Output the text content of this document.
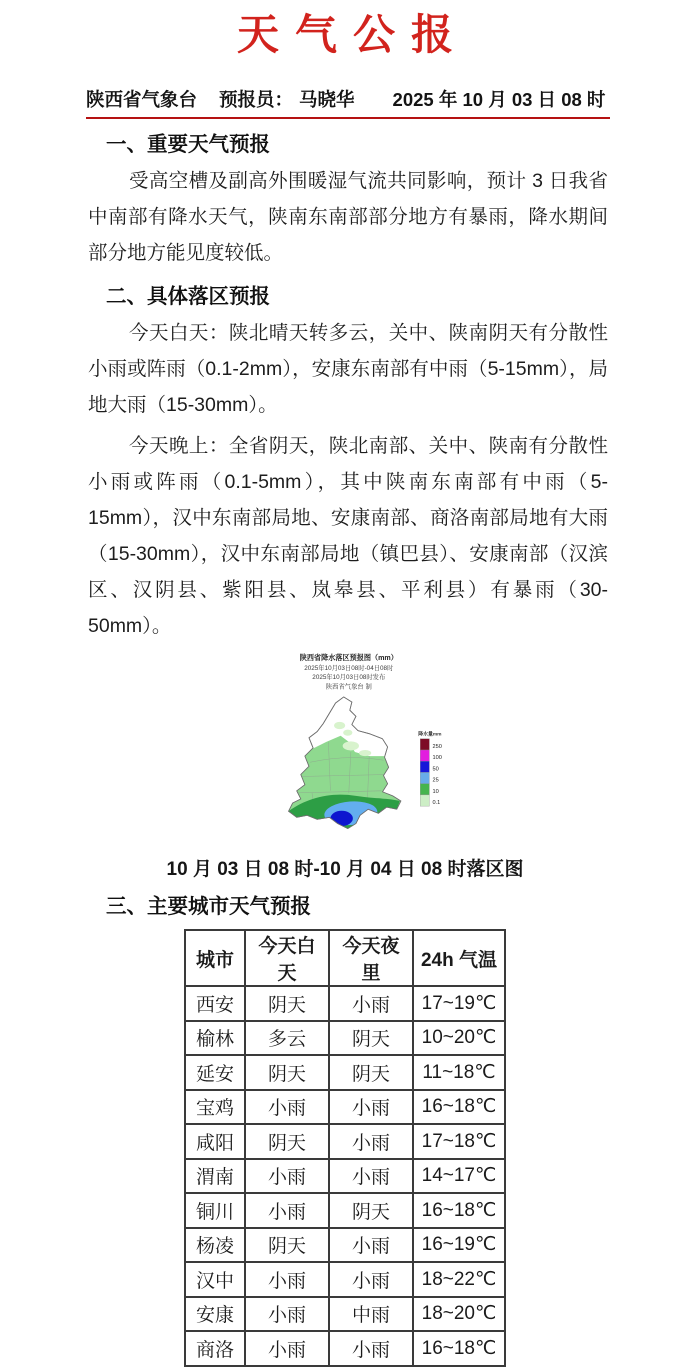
天气公报
陕西省气象台 预报员： 马晓华 2025 年 10 月 03 日 08 时
一、重要天气预报

受高空槽及副高外围暖湿气流共同影响，预计 3 日我省中南部有降水天气，陕南东南部部分地方有暴雨，降水期间部分地方能见度较低。

二、具体落区预报

今天白天：陕北晴天转多云，关中、陕南阴天有分散性小雨或阵雨（0.1-2mm），安康东南部有中雨（5-15mm），局地大雨（15-30mm）。

今天晚上：全省阴天，陕北南部、关中、陕南有分散性小雨或阵雨（0.1-5mm），其中陕南东南部有中雨（5-15mm），汉中东南部局地、安康南部、商洛南部局地有大雨（15-30mm），汉中东南部局地（镇巴县）、安康南部（汉滨区、汉阴县、紫阳县、岚皋县、平利县）有暴雨（30-50mm）。

陕西省降水落区预报图（mm）
2025年10月03日08时-04日08时
2025年10月03日08时发布
陕西省气象台 制
降水量mm
250
100
50
25
10
0.1
10 月 03 日 08 时-10 月 04 日 08 时落区图
三、主要城市天气预报
城市	今天白天	今天夜里	24h 气温
西安	阴天	小雨	17~19℃
榆林	多云	阴天	10~20℃
延安	阴天	阴天	11~18℃
宝鸡	小雨	小雨	16~18℃
咸阳	阴天	小雨	17~18℃
渭南	小雨	小雨	14~17℃
铜川	小雨	阴天	16~18℃
杨凌	阴天	小雨	16~19℃
汉中	小雨	小雨	18~22℃
安康	小雨	中雨	18~20℃
商洛	小雨	小雨	16~18℃
